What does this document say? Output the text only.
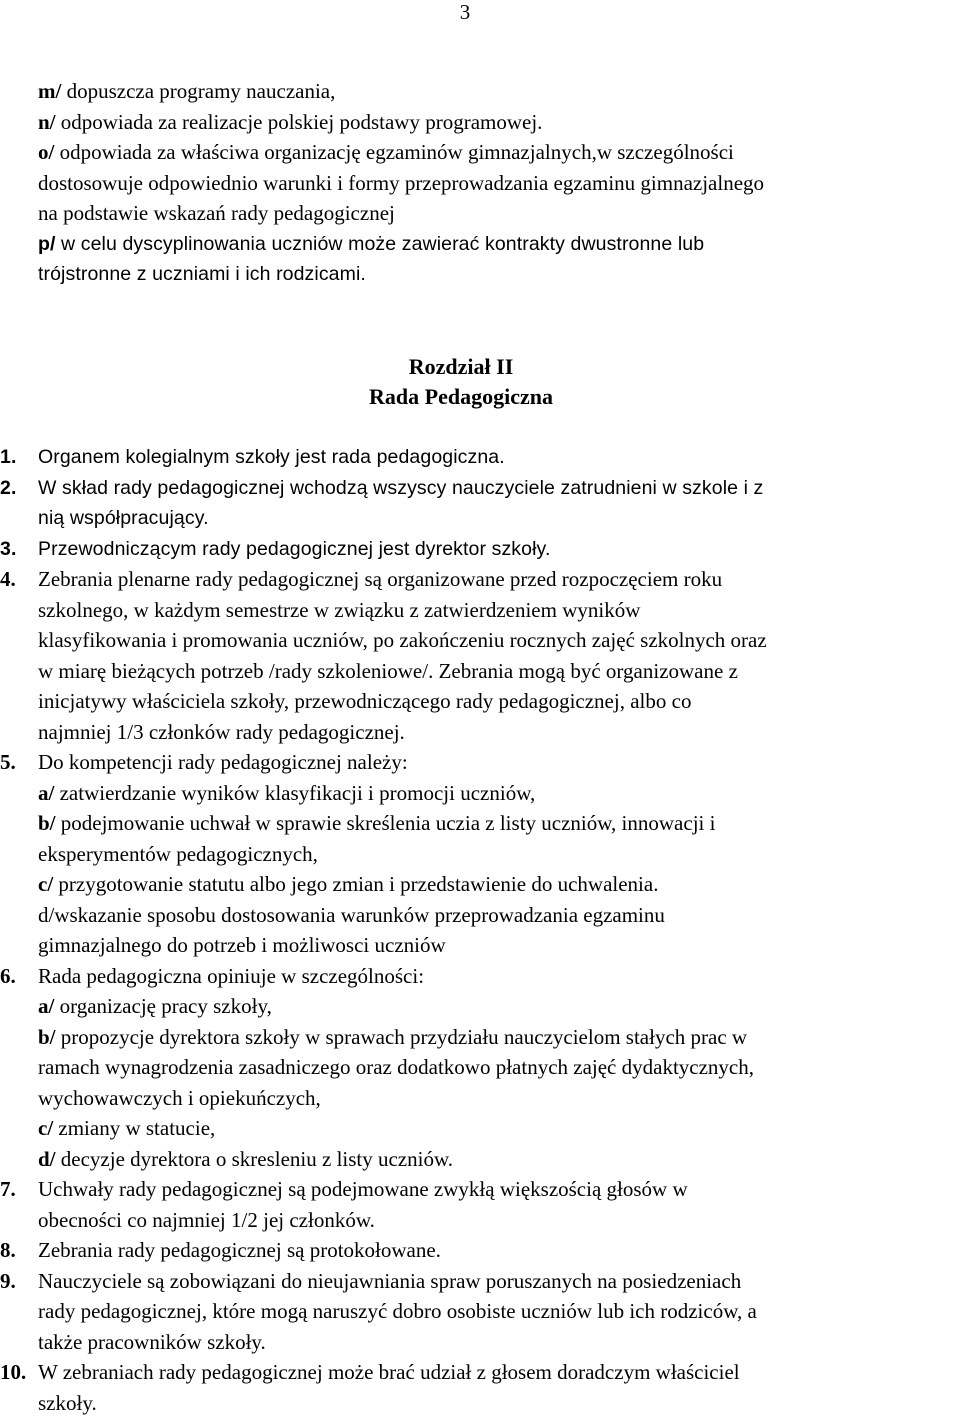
3
m/ dopuszcza programy nauczania,
n/ odpowiada za realizacje polskiej podstawy programowej.
o/ odpowiada za właściwa organizację egzaminów gimnazjalnych,w szczególności
dostosowuje odpowiednio warunki i formy przeprowadzania egzaminu gimnazjalnego
na podstawie wskazań rady pedagogicznej
p/ w celu dyscyplinowania uczniów może zawierać kontrakty dwustronne lub
trójstronne z uczniami i ich rodzicami.
Rozdział II
Rada Pedagogiczna
1.	Organem kolegialnym szkoły jest rada pedagogiczna.
2.	W skład rady pedagogicznej wchodzą wszyscy nauczyciele zatrudnieni w szkole i z
nią współpracujący.
3.	Przewodniczącym rady pedagogicznej jest dyrektor szkoły.
4.	Zebrania plenarne rady pedagogicznej są organizowane przed rozpoczęciem roku
szkolnego, w każdym semestrze w związku z zatwierdzeniem wyników
klasyfikowania i promowania uczniów, po zakończeniu rocznych zajęć szkolnych oraz
w miarę bieżących potrzeb /rady szkoleniowe/. Zebrania mogą być organizowane z
inicjatywy właściciela szkoły, przewodniczącego rady pedagogicznej, albo co
najmniej 1/3 członków rady pedagogicznej.
5.	Do kompetencji rady pedagogicznej należy:
a/ zatwierdzanie wyników klasyfikacji i promocji uczniów,
b/ podejmowanie uchwał w sprawie skreślenia uczia z listy uczniów, innowacji i
eksperymentów pedagogicznych,
c/ przygotowanie statutu albo jego zmian i przedstawienie do uchwalenia.
d/wskazanie sposobu dostosowania warunków przeprowadzania egzaminu
gimnazjalnego do potrzeb i możliwosci uczniów
6.	Rada pedagogiczna opiniuje w szczególności:
a/ organizację pracy szkoły,
b/ propozycje dyrektora szkoły w sprawach przydziału nauczycielom stałych prac w
ramach wynagrodzenia zasadniczego oraz dodatkowo płatnych zajęć dydaktycznych,
wychowawczych i opiekuńczych,
c/ zmiany w statucie,
d/ decyzje dyrektora o skresleniu z listy uczniów.
7.	Uchwały rady pedagogicznej są podejmowane zwykłą większością głosów w
obecności co najmniej 1/2 jej członków.
8.	Zebrania rady pedagogicznej są protokołowane.
9.	Nauczyciele są zobowiązani do nieujawniania spraw poruszanych na posiedzeniach
rady pedagogicznej, które mogą naruszyć dobro osobiste uczniów lub ich rodziców, a
także pracowników szkoły.
10. W zebraniach rady pedagogicznej może brać udział z głosem doradczym właściciel
szkoły.
